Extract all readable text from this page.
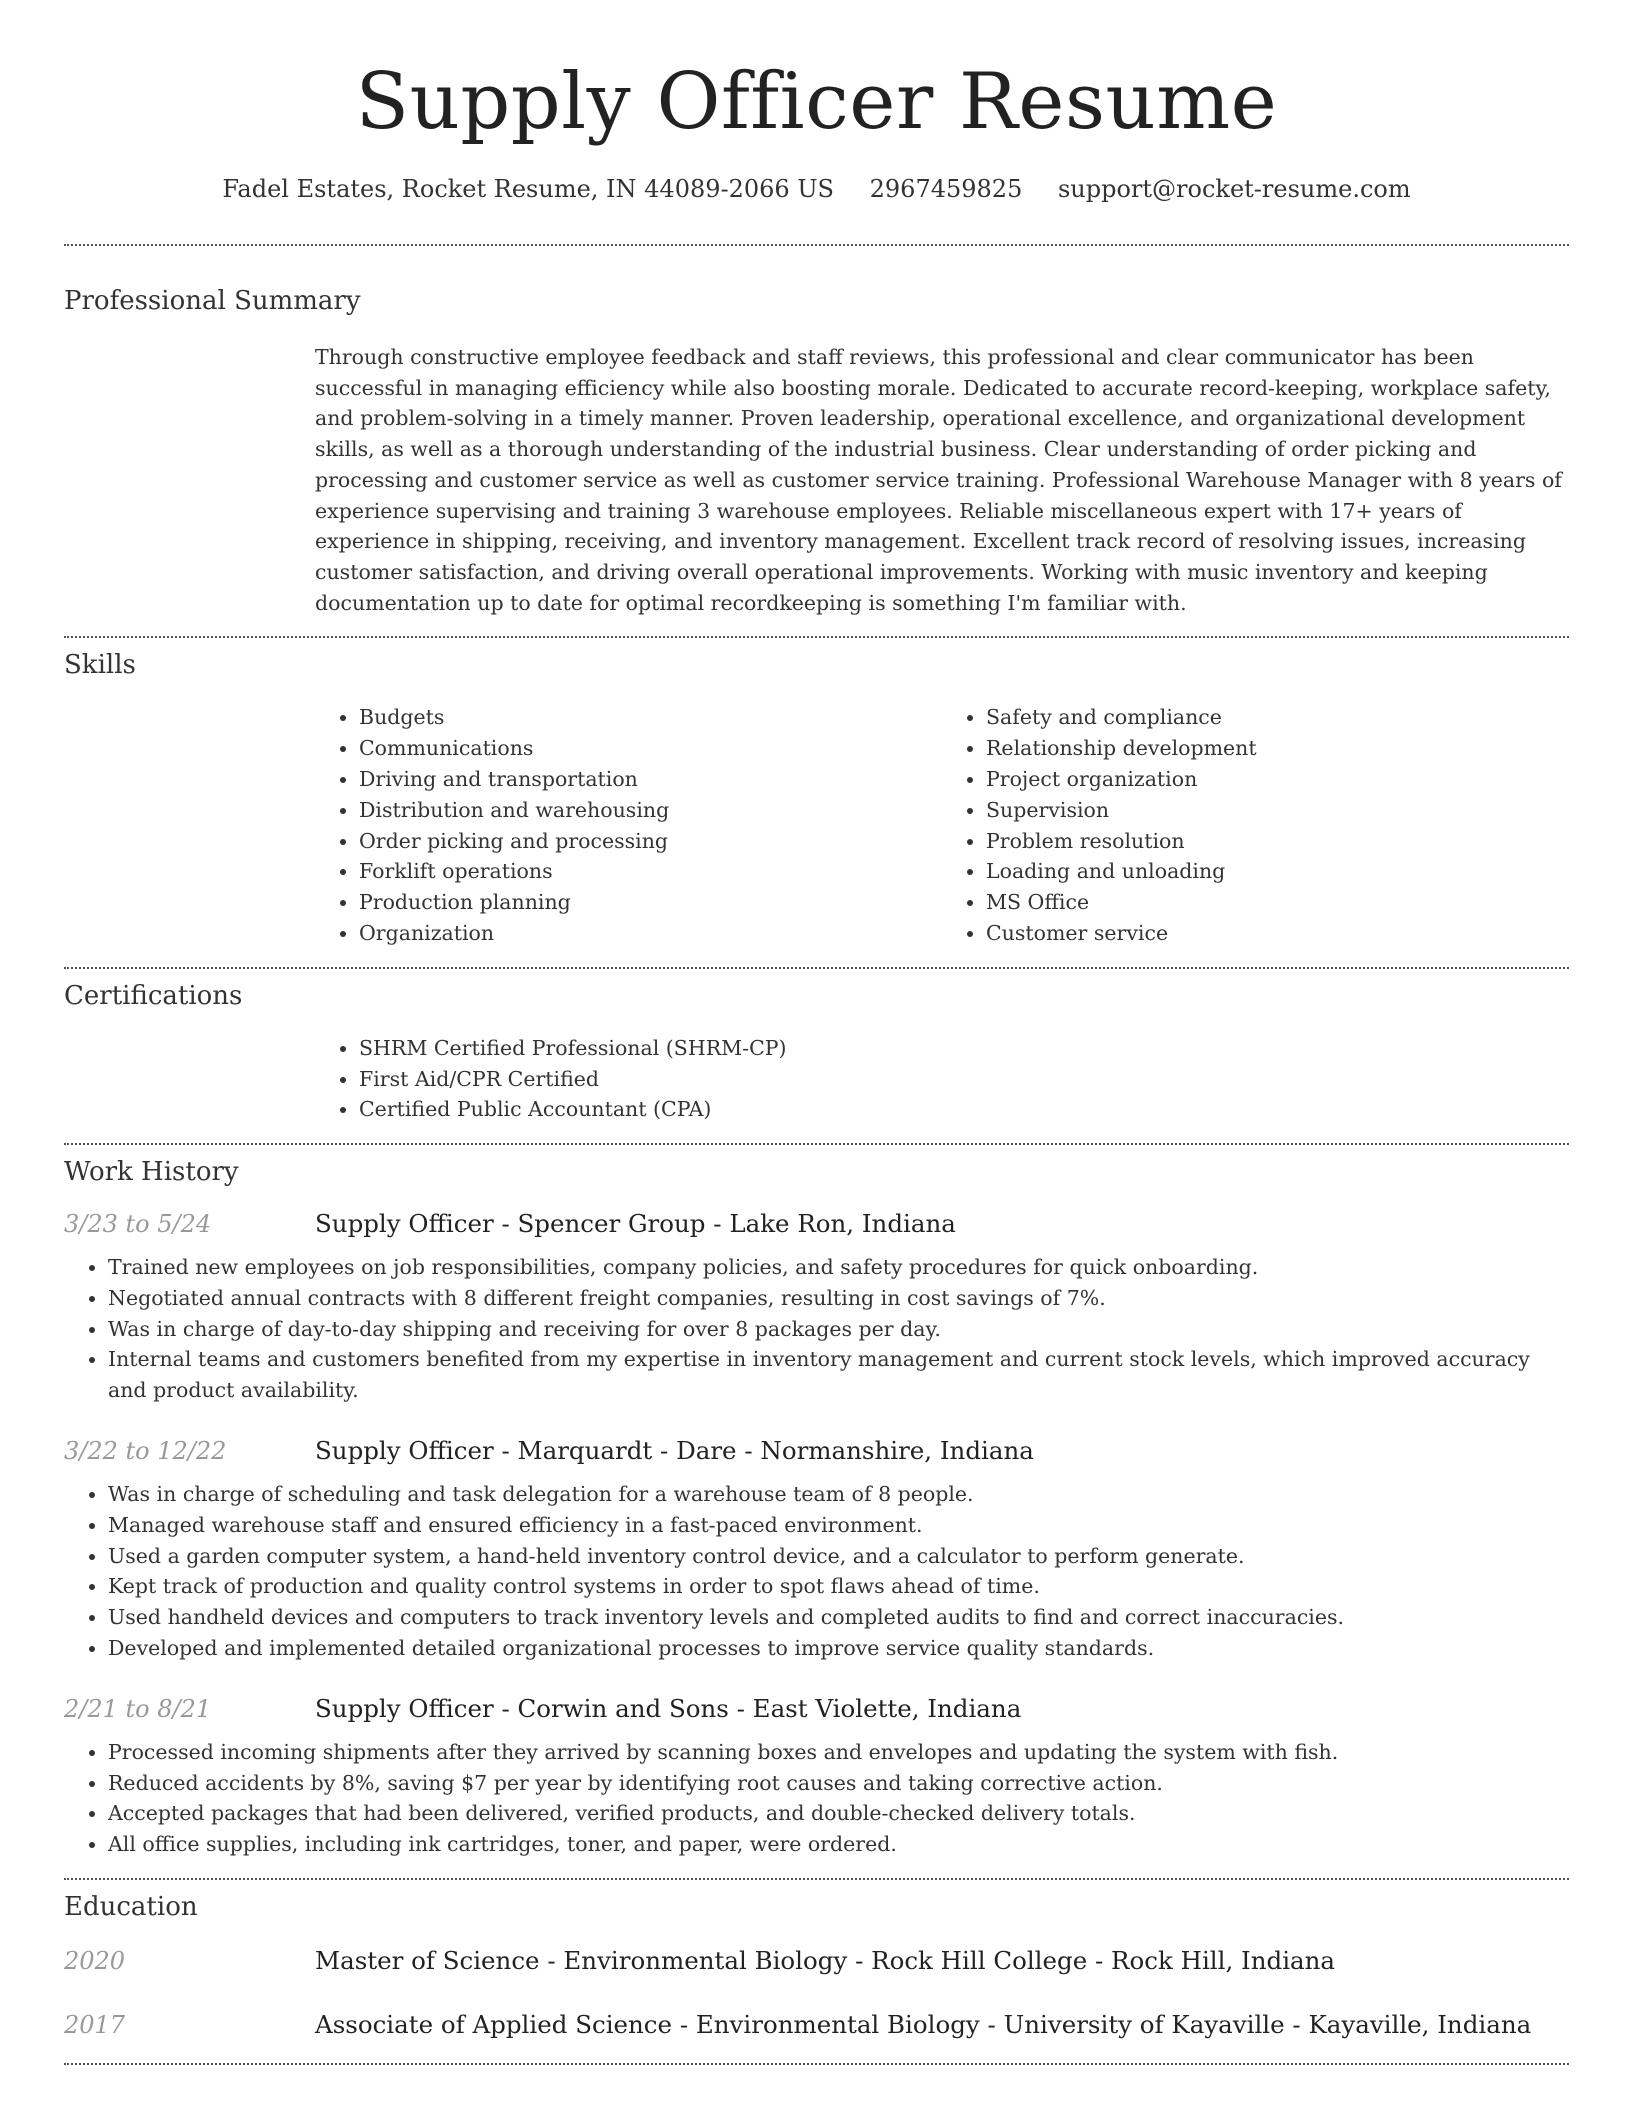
Supply Officer Resume
Fadel Estates, Rocket Resume, IN 44089-2066 US 2967459825 support@rocket-resume.com
Professional Summary
Through constructive employee feedback and staff reviews, this professional and clear communicator has been successful in managing efficiency while also boosting morale. Dedicated to accurate record-keeping, workplace safety, and problem-solving in a timely manner. Proven leadership, operational excellence, and organizational development skills, as well as a thorough understanding of the industrial business. Clear understanding of order picking and processing and customer service as well as customer service training. Professional Warehouse Manager with 8 years of experience supervising and training 3 warehouse employees. Reliable miscellaneous expert with 17+ years of experience in shipping, receiving, and inventory management. Excellent track record of resolving issues, increasing customer satisfaction, and driving overall operational improvements. Working with music inventory and keeping documentation up to date for optimal recordkeeping is something I'm familiar with.
Skills
• Budgets
• Communications
• Driving and transportation
• Distribution and warehousing
• Order picking and processing
• Forklift operations
• Production planning
• Organization
• Safety and compliance
• Relationship development
• Project organization
• Supervision
• Problem resolution
• Loading and unloading
• MS Office
• Customer service
Certifications
• SHRM Certified Professional (SHRM-CP)
• First Aid/CPR Certified
• Certified Public Accountant (CPA)
Work History
3/23 to 5/24	Supply Officer - Spencer Group - Lake Ron, Indiana
• Trained new employees on job responsibilities, company policies, and safety procedures for quick onboarding.
• Negotiated annual contracts with 8 different freight companies, resulting in cost savings of 7%.
• Was in charge of day-to-day shipping and receiving for over 8 packages per day.
• Internal teams and customers benefited from my expertise in inventory management and current stock levels, which improved accuracy and product availability.
3/22 to 12/22	Supply Officer - Marquardt - Dare - Normanshire, Indiana
• Was in charge of scheduling and task delegation for a warehouse team of 8 people.
• Managed warehouse staff and ensured efficiency in a fast-paced environment.
• Used a garden computer system, a hand-held inventory control device, and a calculator to perform generate.
• Kept track of production and quality control systems in order to spot flaws ahead of time.
• Used handheld devices and computers to track inventory levels and completed audits to find and correct inaccuracies.
• Developed and implemented detailed organizational processes to improve service quality standards.
2/21 to 8/21	Supply Officer - Corwin and Sons - East Violette, Indiana
• Processed incoming shipments after they arrived by scanning boxes and envelopes and updating the system with fish.
• Reduced accidents by 8%, saving $7 per year by identifying root causes and taking corrective action.
• Accepted packages that had been delivered, verified products, and double-checked delivery totals.
• All office supplies, including ink cartridges, toner, and paper, were ordered.
Education
2020	Master of Science - Environmental Biology - Rock Hill College - Rock Hill, Indiana
2017	Associate of Applied Science - Environmental Biology - University of Kayaville - Kayaville, Indiana
